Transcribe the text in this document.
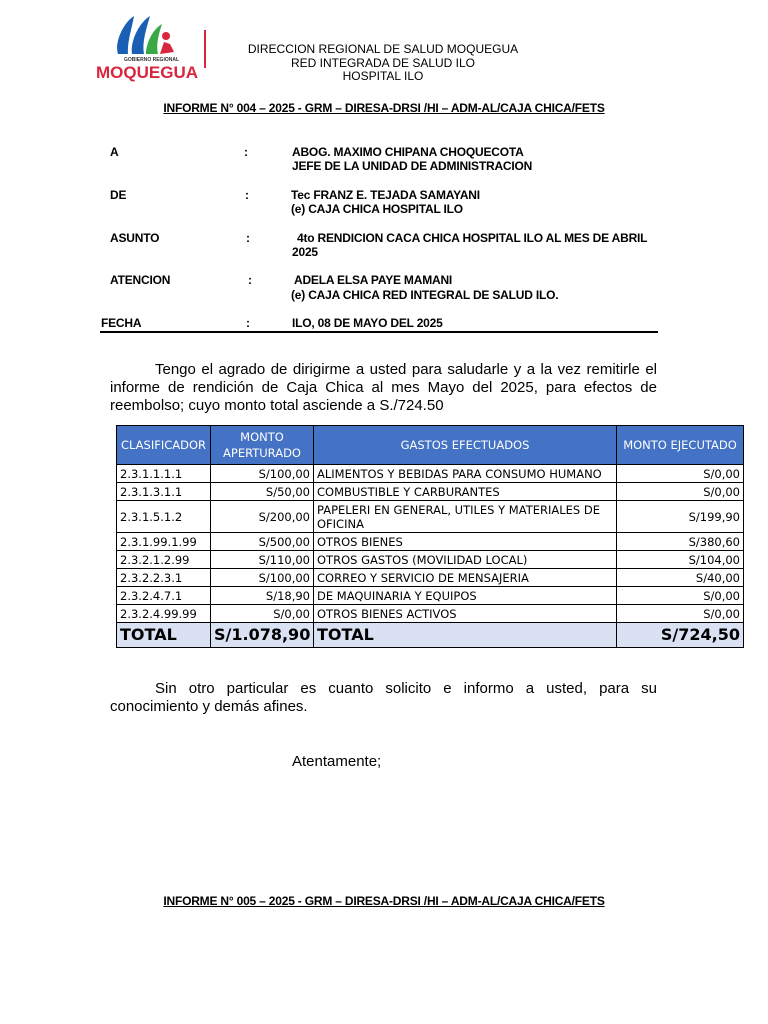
GOBIERNO REGIONAL
MOQUEGUA
DIRECCION REGIONAL DE SALUD MOQUEGUA
RED INTEGRADA DE SALUD ILO
HOSPITAL ILO
INFORME N° 004 – 2025 - GRM – DIRESA-DRSI /HI – ADM-AL/CAJA CHICA/FETS
A	:	ABOG. MAXIMO CHIPANA CHOQUECOTA
JEFE DE LA UNIDAD DE ADMINISTRACION
DE	:	Tec FRANZ E. TEJADA SAMAYANI
(e) CAJA CHICA HOSPITAL ILO
ASUNTO	:	4to RENDICION CACA CHICA HOSPITAL ILO AL MES DE ABRIL
2025
ATENCION	:	ADELA ELSA PAYE MAMANI
(e) CAJA CHICA RED INTEGRAL DE SALUD ILO.
FECHA	:	ILO, 08 DE MAYO DEL 2025
Tengo el agrado de dirigirme a usted para saludarle y a la vez remitirle el informe de rendición de Caja Chica al mes Mayo del 2025, para efectos de reembolso; cuyo monto total asciende a S./724.50
CLASIFICADOR	MONTO APERTURADO	GASTOS EFECTUADOS	MONTO EJECUTADO
2.3.1.1.1.1	S/100,00	ALIMENTOS Y BEBIDAS PARA CONSUMO HUMANO	S/0,00
2.3.1.3.1.1	S/50,00	COMBUSTIBLE Y CARBURANTES	S/0,00
2.3.1.5.1.2	S/200,00	PAPELERI EN GENERAL, UTILES Y MATERIALES DE OFICINA	S/199,90
2.3.1.99.1.99	S/500,00	OTROS BIENES	S/380,60
2.3.2.1.2.99	S/110,00	OTROS GASTOS (MOVILIDAD LOCAL)	S/104,00
2.3.2.2.3.1	S/100,00	CORREO Y SERVICIO DE MENSAJERIA	S/40,00
2.3.2.4.7.1	S/18,90	DE MAQUINARIA Y EQUIPOS	S/0,00
2.3.2.4.99.99	S/0,00	OTROS BIENES ACTIVOS	S/0,00
TOTAL	S/1.078,90	TOTAL	S/724,50
Sin otro particular es cuanto solicito e informo a usted, para su conocimiento y demás afines.
Atentamente;
INFORME N° 005 – 2025 - GRM – DIRESA-DRSI /HI – ADM-AL/CAJA CHICA/FETS
